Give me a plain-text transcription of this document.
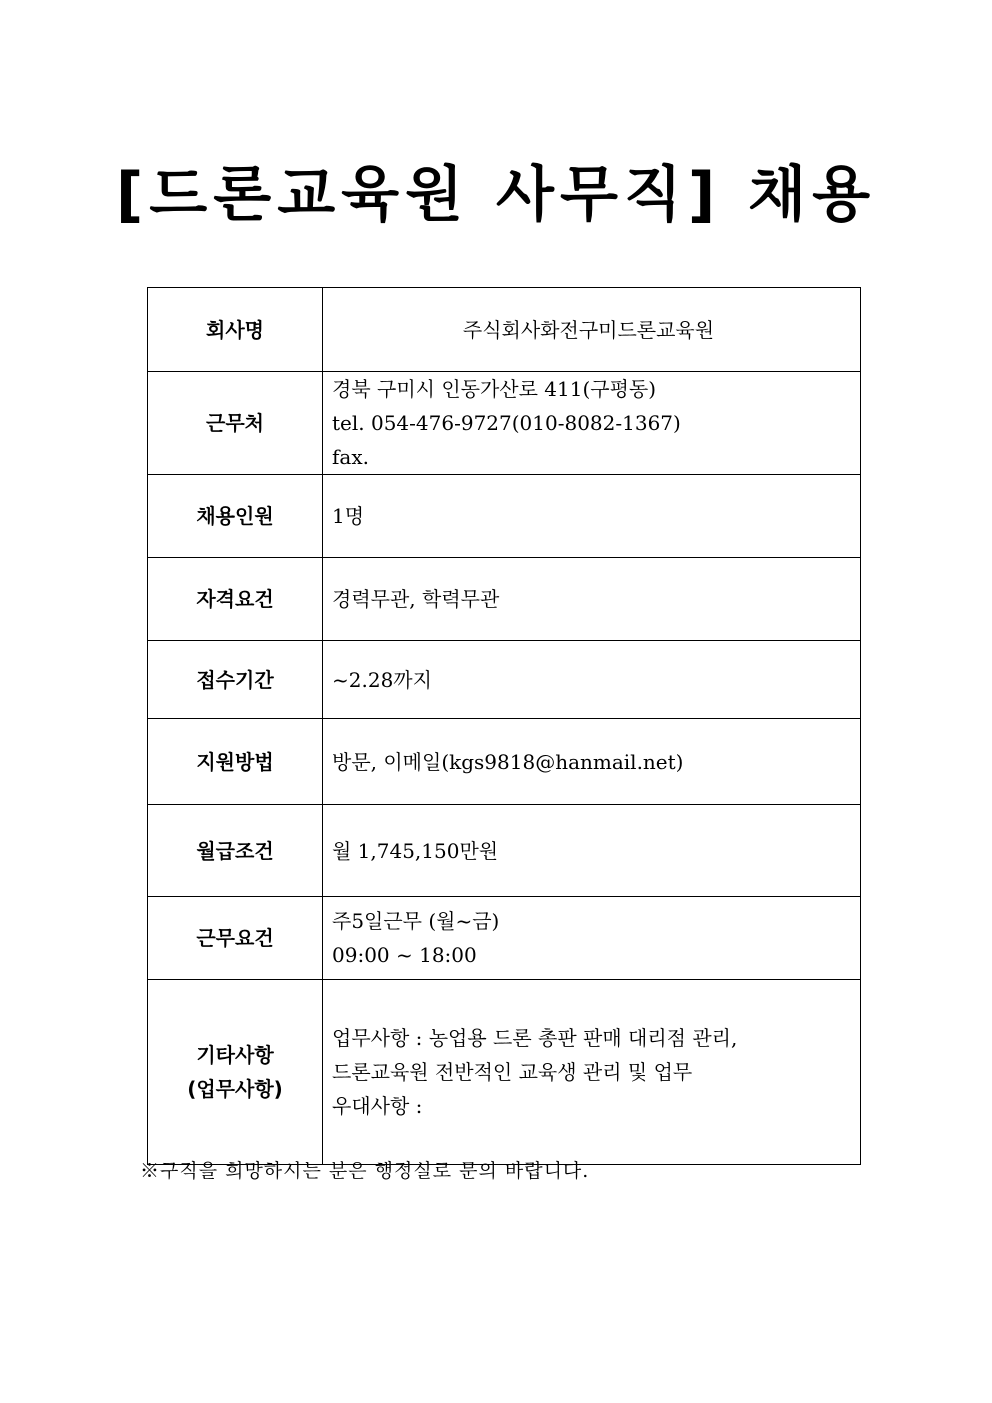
[드론교육원 사무직] 채용
회사명	주식회사화전구미드론교육원

근무처	경북 구미시 인동가산로 411(구평동)
tel. 054-476-9727(010-8082-1367)
fax.

채용인원	1명

자격요건	경력무관, 학력무관

접수기간	~2.28까지

지원방법	방문, 이메일(kgs9818@hanmail.net)

월급조건	월 1,745,150만원

근무요건	주5일근무 (월~금)
09:00 ~ 18:00

기타사항
(업무사항)	업무사항 : 농업용 드론 총판 판매 대리점 관리,
드론교육원 전반적인 교육생 관리 및 업무
우대사항 :
※구직을 희망하시는 분은 행정실로 문의 바랍니다.
